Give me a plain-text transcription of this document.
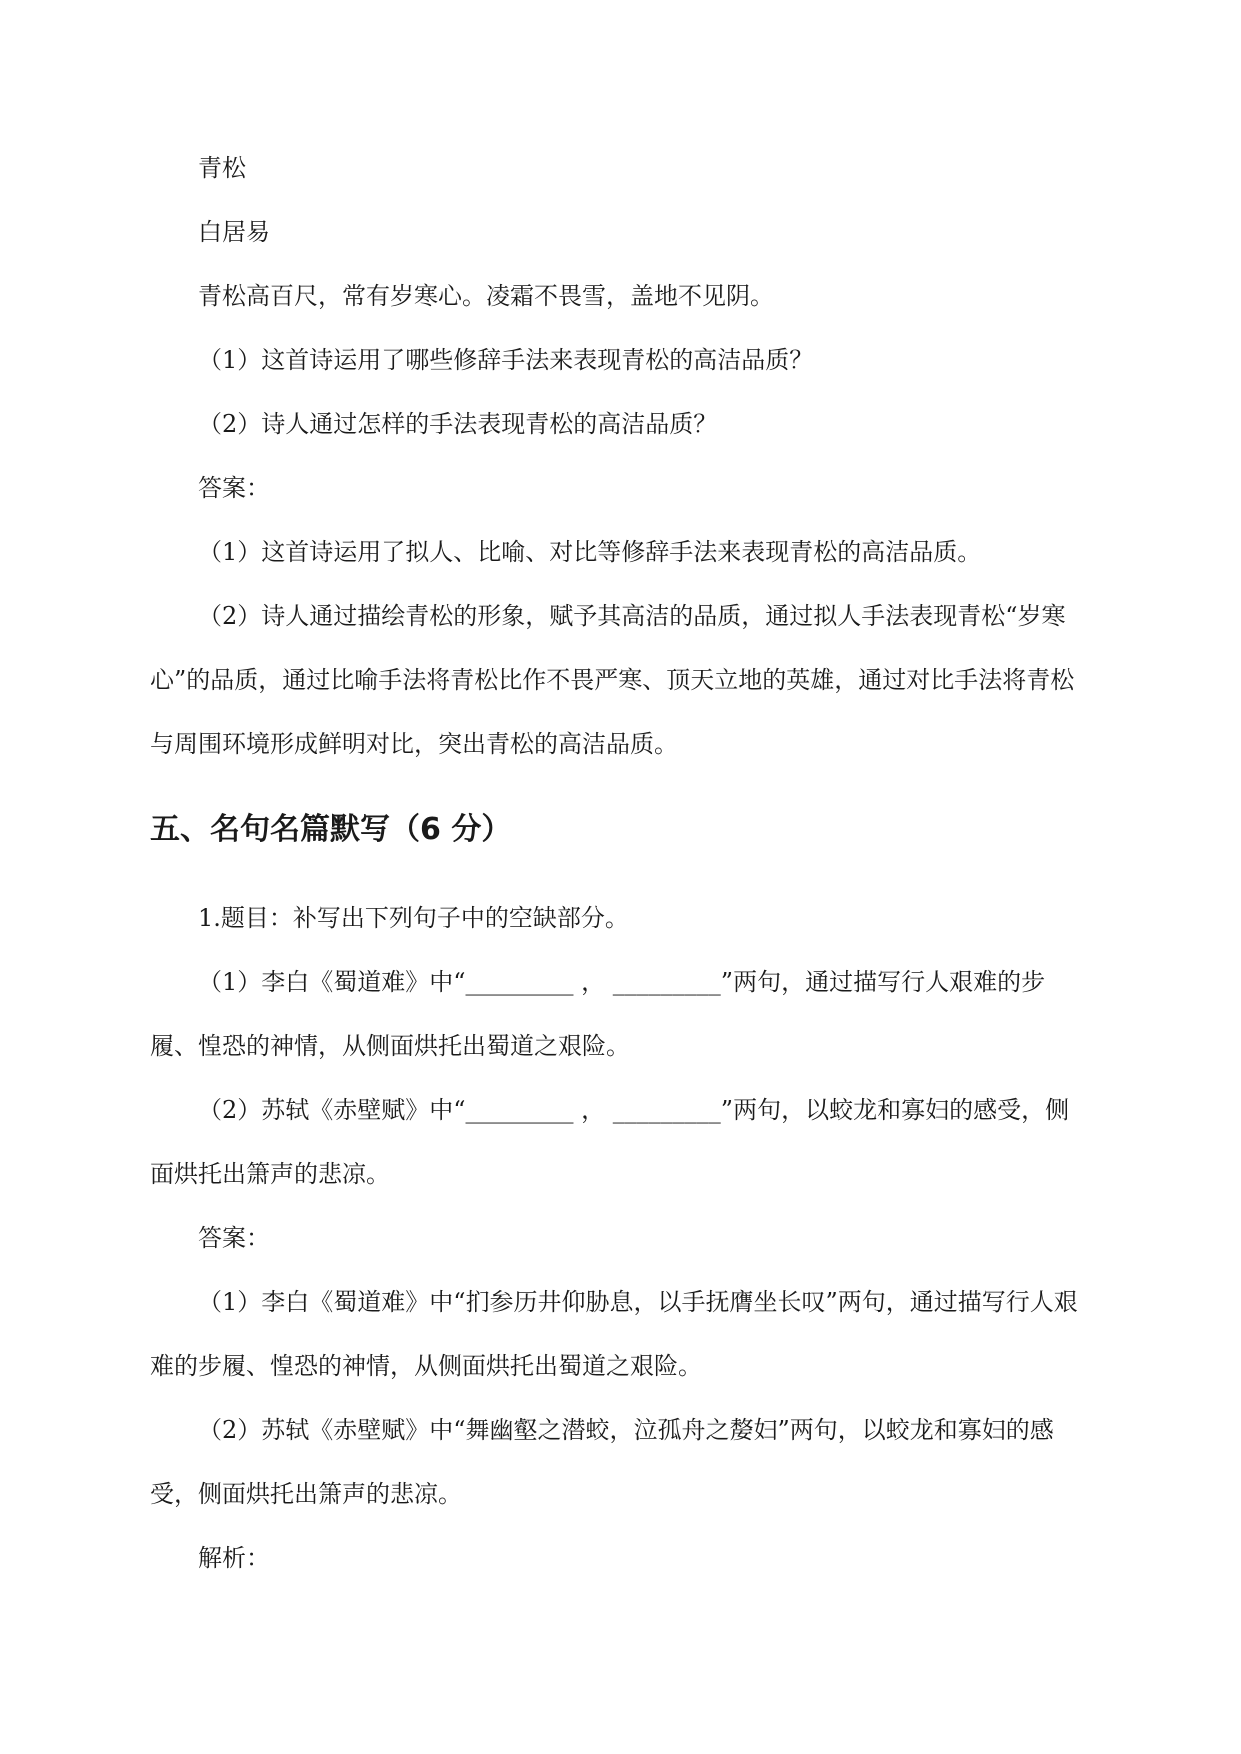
青松

白居易

青松高百尺，常有岁寒心。凌霜不畏雪，盖地不见阴。

（1）这首诗运用了哪些修辞手法来表现青松的高洁品质？

（2）诗人通过怎样的手法表现青松的高洁品质？

答案：

（1）这首诗运用了拟人、比喻、对比等修辞手法来表现青松的高洁品质。

（2）诗人通过描绘青松的形象，赋予其高洁的品质，通过拟人手法表现青松“岁寒心”的品质，通过比喻手法将青松比作不畏严寒、顶天立地的英雄，通过对比手法将青松与周围环境形成鲜明对比，突出青松的高洁品质。

五、名句名篇默写（6 分）

1.题目：补写出下列句子中的空缺部分。

（1）李白《蜀道难》中“_________ ， _________”两句，通过描写行人艰难的步履、惶恐的神情，从侧面烘托出蜀道之艰险。

（2）苏轼《赤壁赋》中“_________ ， _________”两句，以蛟龙和寡妇的感受，侧面烘托出箫声的悲凉。

答案：

（1）李白《蜀道难》中“扪参历井仰胁息，以手抚膺坐长叹”两句，通过描写行人艰难的步履、惶恐的神情，从侧面烘托出蜀道之艰险。

（2）苏轼《赤壁赋》中“舞幽壑之潜蛟，泣孤舟之嫠妇”两句，以蛟龙和寡妇的感受，侧面烘托出箫声的悲凉。

解析：
